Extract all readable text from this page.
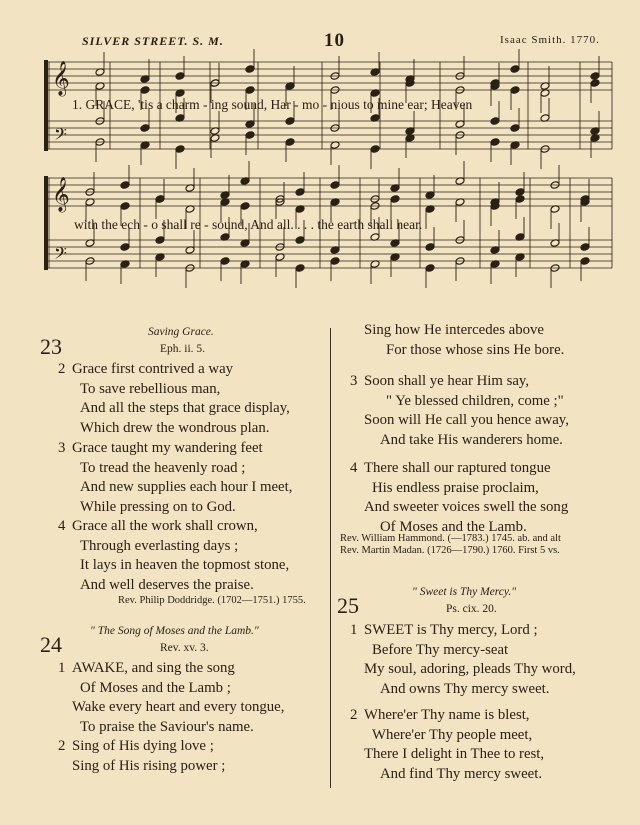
SILVER STREET. S. M.	10	Isaac Smith. 1770.
𝄞
𝄞
𝄢
𝄢
1. GRACE, 'tis a charm - ing sound, Har - mo - nious to mine ear; Heaven
with the ech - o shall re - sound, And all. . . . the earth shall hear.
23
Saving Grace.
Eph. ii. 5.
2 Grace first contrived a way
To save rebellious man,
And all the steps that grace display,
Which drew the wondrous plan.
3 Grace taught my wandering feet
To tread the heavenly road ;
And new supplies each hour I meet,
While pressing on to God.
4 Grace all the work shall crown,
Through everlasting days ;
It lays in heaven the topmost stone,
And well deserves the praise.
Rev. Philip Doddridge. (1702—1751.) 1755.
24
" The Song of Moses and the Lamb."
Rev. xv. 3.
1 AWAKE, and sing the song
Of Moses and the Lamb ;
Wake every heart and every tongue,
To praise the Saviour's name.
2 Sing of His dying love ;
Sing of His rising power ;
Sing how He intercedes above
For those whose sins He bore.
3 Soon shall ye hear Him say,
" Ye blessed children, come ;"
Soon will He call you hence away,
And take His wanderers home.
4 There shall our raptured tongue
His endless praise proclaim,
And sweeter voices swell the song
Of Moses and the Lamb.
Rev. William Hammond. (—1783.) 1745. ab. and alt
Rev. Martin Madan. (1726—1790.) 1760. First 5 vs.
25
" Sweet is Thy Mercy."
Ps. cix. 20.
1 SWEET is Thy mercy, Lord ;
Before Thy mercy-seat
My soul, adoring, pleads Thy word,
And owns Thy mercy sweet.
2 Where'er Thy name is blest,
Where'er Thy people meet,
There I delight in Thee to rest,
And find Thy mercy sweet.
